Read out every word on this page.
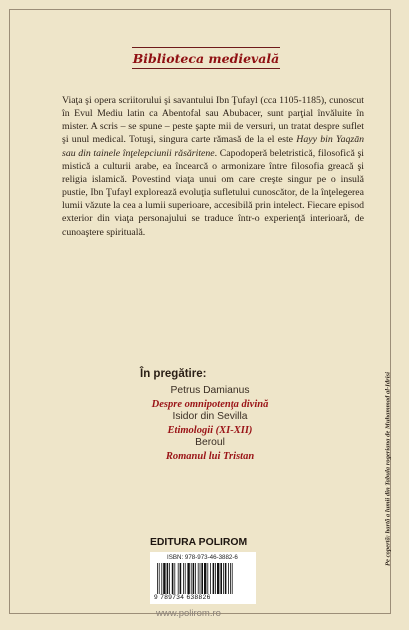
Biblioteca medievală

Viaţa şi opera scriitorului şi savantului Ibn Ţufayl (cca 1105-1185), cunoscut în Evul Mediu latin ca Abentofal sau Abubacer, sunt parţial învăluite în mister. A scris – se spune – peste şapte mii de versuri, un tratat despre suflet şi unul medical. Totuşi, singura carte rămasă de la el este Hayy bin Yaqzān sau din tainele înţelepciunii răsăritene. Capodoperă beletristică, filosofică şi mistică a culturii arabe, ea încearcă o armonizare între filosofia greacă şi religia islamică. Povestind viaţa unui om care creşte singur pe o insulă pustie, Ibn Ţufayl explorează evoluţia sufletului cunoscător, de la înţelegerea lumii văzute la cea a lumii superioare, accesibilă prin intelect. Fiecare episod exterior din viaţa personajului se traduce într-o experienţă interioară, de cunoaştere spirituală.

În pregătire:

Petrus Damianus
Despre omnipotenţa divină
Isidor din Sevilla
Etimologii (XI-XII)
Beroul
Romanul lui Tristan

EDITURA POLIROM

ISBN: 978-973-46-3882-6
9 789734 638826

www.polirom.ro

Pe copertă: hartă a lumii din Tabula rogeriana de Muhammad al-Idrisi
